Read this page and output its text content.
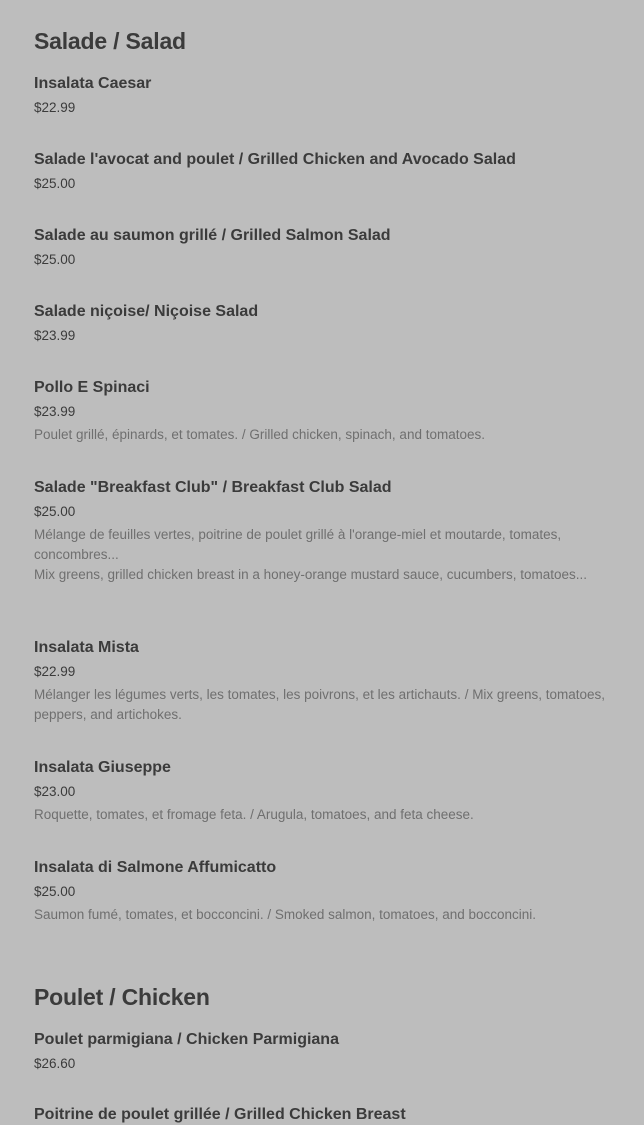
Salade / Salad
Insalata Caesar
$22.99
Salade l'avocat and poulet / Grilled Chicken and Avocado Salad
$25.00
Salade au saumon grillé / Grilled Salmon Salad
$25.00
Salade niçoise/ Niçoise Salad
$23.99
Pollo E Spinaci
$23.99
Poulet grillé, épinards, et tomates. / Grilled chicken, spinach, and tomatoes.
Salade "Breakfast Club" / Breakfast Club Salad
$25.00
Mélange de feuilles vertes, poitrine de poulet grillé à l'orange-miel et moutarde, tomates, concombres...
Mix greens, grilled chicken breast in a honey-orange mustard sauce, cucumbers, tomatoes...
Insalata Mista
$22.99
Mélanger les légumes verts, les tomates, les poivrons, et les artichauts. / Mix greens, tomatoes, peppers, and artichokes.
Insalata Giuseppe
$23.00
Roquette, tomates, et fromage feta. / Arugula, tomatoes, and feta cheese.
Insalata di Salmone Affumicatto
$25.00
Saumon fumé, tomates, et bocconcini. / Smoked salmon, tomatoes, and bocconcini.
Poulet / Chicken
Poulet parmigiana / Chicken Parmigiana
$26.60
Poitrine de poulet grillée / Grilled Chicken Breast
